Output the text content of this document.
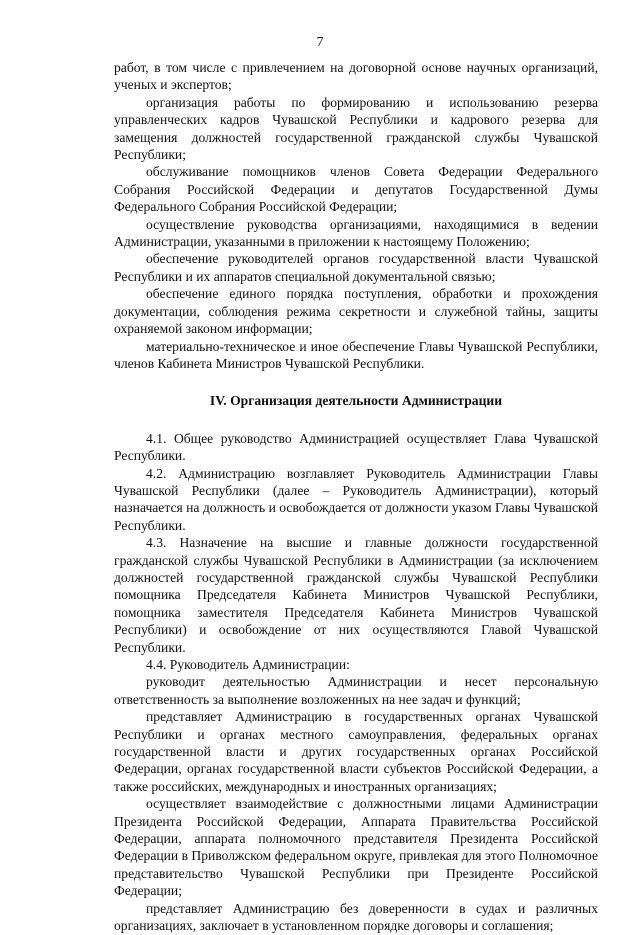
7

работ, в том числе с привлечением на договорной основе научных организаций, ученых и экспертов;

организация работы по формированию и использованию резерва управленческих кадров Чувашской Республики и кадрового резерва для замещения должностей государственной гражданской службы Чувашской Республики;

обслуживание помощников членов Совета Федерации Федерального Собрания Российской Федерации и депутатов Государственной Думы Федерального Собрания Российской Федерации;

осуществление руководства организациями, находящимися в ведении Администрации, указанными в приложении к настоящему Положению;

обеспечение руководителей органов государственной власти Чувашской Республики и их аппаратов специальной документальной связью;

обеспечение единого порядка поступления, обработки и прохождения документации, соблюдения режима секретности и служебной тайны, защиты охраняемой законом информации;

материально-техническое и иное обеспечение Главы Чувашской Республики, членов Кабинета Министров Чувашской Республики.

IV. Организация деятельности Администрации

4.1. Общее руководство Администрацией осуществляет Глава Чувашской Республики.

4.2. Администрацию возглавляет Руководитель Администрации Главы Чувашской Республики (далее – Руководитель Администрации), который назначается на должность и освобождается от должности указом Главы Чувашской Республики.

4.3. Назначение на высшие и главные должности государственной гражданской службы Чувашской Республики в Администрации (за исключением должностей государственной гражданской службы Чувашской Республики помощника Председателя Кабинета Министров Чувашской Республики, помощника заместителя Председателя Кабинета Министров Чувашской Республики) и освобождение от них осуществляются Главой Чувашской Республики.

4.4. Руководитель Администрации:

руководит деятельностью Администрации и несет персональную ответственность за выполнение возложенных на нее задач и функций;

представляет Администрацию в государственных органах Чувашской Республики и органах местного самоуправления, федеральных органах государственной власти и других государственных органах Российской Федерации, органах государственной власти субъектов Российской Федерации, а также российских, международных и иностранных организациях;

осуществляет взаимодействие с должностными лицами Администрации Президента Российской Федерации, Аппарата Правительства Российской Федерации, аппарата полномочного представителя Президента Российской Федерации в Приволжском федеральном округе, привлекая для этого Полномочное представительство Чувашской Республики при Президенте Российской Федерации;

представляет Администрацию без доверенности в судах и различных организациях, заключает в установленном порядке договоры и соглашения;
